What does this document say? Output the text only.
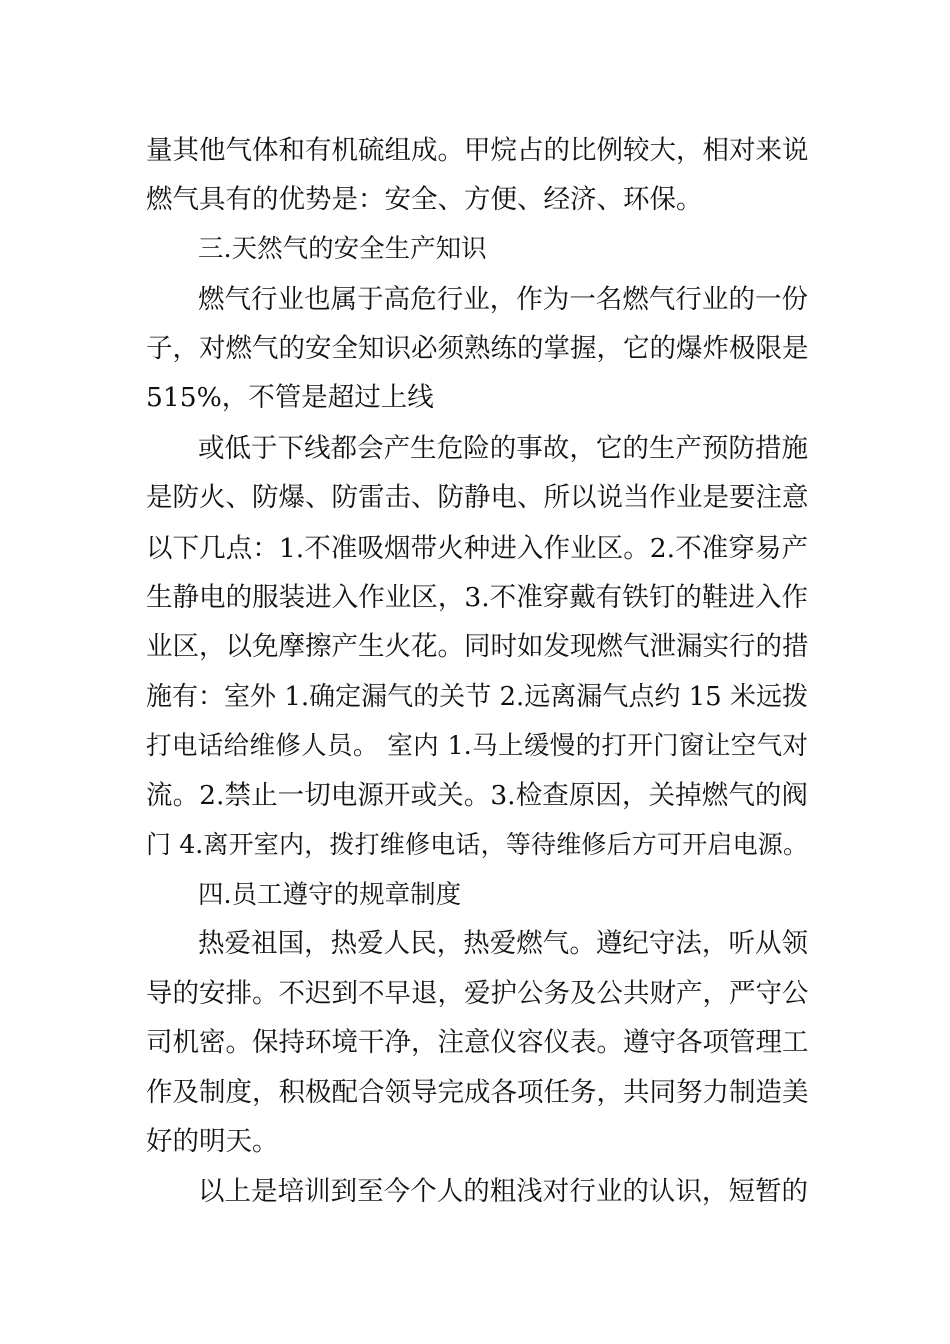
量其他气体和有机硫组成。甲烷占的比例较大，相对来说
燃气具有的优势是：安全、方便、经济、环保。
三.天然气的安全生产知识
燃气行业也属于高危行业，作为一名燃气行业的一份
子，对燃气的安全知识必须熟练的掌握，它的爆炸极限是
515%，不管是超过上线
或低于下线都会产生危险的事故，它的生产预防措施
是防火、防爆、防雷击、防静电、所以说当作业是要注意
以下几点：1.不准吸烟带火种进入作业区。2.不准穿易产
生静电的服装进入作业区，3.不准穿戴有铁钉的鞋进入作
业区，以免摩擦产生火花。同时如发现燃气泄漏实行的措
施有：室外 1.确定漏气的关节 2.远离漏气点约 15 米远拨
打电话给维修人员。 室内 1.马上缓慢的打开门窗让空气对
流。2.禁止一切电源开或关。3.检查原因，关掉燃气的阀
门 4.离开室内，拨打维修电话，等待维修后方可开启电源。
四.员工遵守的规章制度
热爱祖国，热爱人民，热爱燃气。遵纪守法，听从领
导的安排。不迟到不早退，爱护公务及公共财产，严守公
司机密。保持环境干净，注意仪容仪表。遵守各项管理工
作及制度，积极配合领导完成各项任务，共同努力制造美
好的明天。
以上是培训到至今个人的粗浅对行业的认识，短暂的
